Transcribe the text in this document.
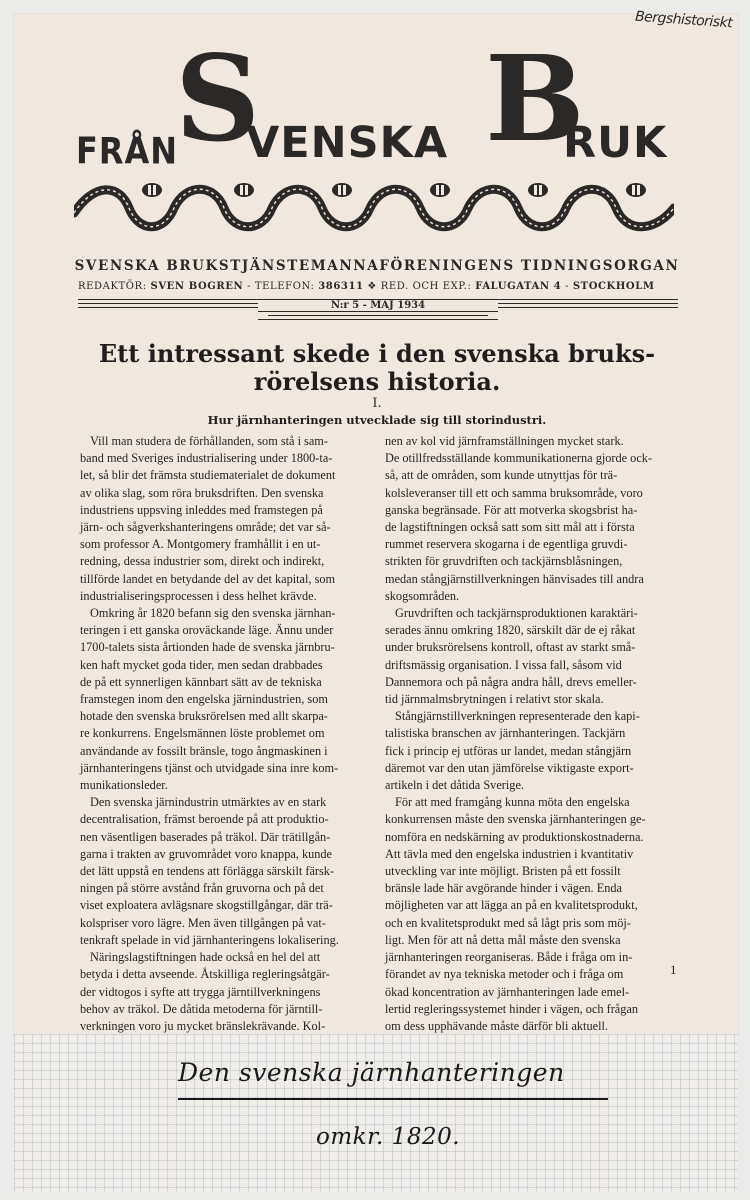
Bergshistoriskt
FRÅN
S
VENSKA B
RUK
SVENSKA BRUKSTJÄNSTEMANNAFÖRENINGENS TIDNINGSORGAN
REDAKTÖR: SVEN BOGREN - TELEFON: 386311 ❖ RED. OCH EXP.: FALUGATAN 4 - STOCKHOLM
N:r 5 - MAJ 1934
Ett intressant skede i den svenska bruks-
rörelsens historia.
I.
Hur järnhanteringen utvecklade sig till storindustri.

Vill man studera de förhållanden, som stå i sam-

band med Sveriges industrialisering under 1800-ta-

let, så blir det främsta studiematerialet de dokument

av olika slag, som röra bruksdriften. Den svenska

industriens uppsving inleddes med framstegen på

järn- och sågverkshanteringens område; det var så-

som professor A. Montgomery framhållit i en ut-

redning, dessa industrier som, direkt och indirekt,

tillförde landet en betydande del av det kapital, som

industrialiseringsprocessen i dess helhet krävde.

Omkring år 1820 befann sig den svenska järnhan-

teringen i ett ganska oroväckande läge. Ännu under

1700-talets sista årtionden hade de svenska järnbru-

ken haft mycket goda tider, men sedan drabbades

de på ett synnerligen kännbart sätt av de tekniska

framstegen inom den engelska järnindustrien, som

hotade den svenska bruksrörelsen med allt skarpa-

re konkurrens. Engelsmännen löste problemet om

användande av fossilt bränsle, togo ångmaskinen i

järnhanteringens tjänst och utvidgade sina inre kom-

munikationsleder.

Den svenska järnindustrin utmärktes av en stark

decentralisation, främst beroende på att produktio-

nen väsentligen baserades på träkol. Där trätillgån-

garna i trakten av gruvområdet voro knappa, kunde

det lätt uppstå en tendens att förlägga särskilt färsk-

ningen på större avstånd från gruvorna och på det

viset exploatera avlägsnare skogstillgångar, där trä-

kolspriser voro lägre. Men även tillgången på vat-

tenkraft spelade in vid järnhanteringens lokalisering.

Näringslagstiftningen hade också en hel del att

betyda i detta avseende. Åtskilliga regleringsåtgär-

der vidtogos i syfte att trygga järntillverkningens

behov av träkol. De dåtida metoderna för järntill-

verkningen voro ju mycket bränslekrävande. Kol-

nen av kol vid järnframställningen mycket stark.

De otillfredsställande kommunikationerna gjorde ock-

så, att de områden, som kunde utnyttjas för trä-

kolsleveranser till ett och samma bruksområde, voro

ganska begränsade. För att motverka skogsbrist ha-

de lagstiftningen också satt som sitt mål att i första

rummet reservera skogarna i de egentliga gruvdi-

strikten för gruvdriften och tackjärnsblåsningen,

medan stångjärnstillverkningen hänvisades till andra

skogsområden.

Gruvdriften och tackjärnsproduktionen karaktäri-

serades ännu omkring 1820, särskilt där de ej råkat

under bruksrörelsens kontroll, oftast av starkt små-

driftsmässig organisation. I vissa fall, såsom vid

Dannemora och på några andra håll, drevs emeller-

tid järnmalmsbrytningen i relativt stor skala.

Stångjärnstillverkningen representerade den kapi-

talistiska branschen av järnhanteringen. Tackjärn

fick i princip ej utföras ur landet, medan stångjärn

däremot var den utan jämförelse viktigaste export-

artikeln i det dåtida Sverige.

För att med framgång kunna möta den engelska

konkurrensen måste den svenska järnhanteringen ge-

nomföra en nedskärning av produktionskostnaderna.

Att tävla med den engelska industrien i kvantitativ

utveckling var inte möjligt. Bristen på ett fossilt

bränsle lade här avgörande hinder i vägen. Enda

möjligheten var att lägga an på en kvalitetsprodukt,

och en kvalitetsprodukt med så lågt pris som möj-

ligt. Men för att nå detta mål måste den svenska

järnhanteringen reorganiseras. Både i fråga om in-

förandet av nya tekniska metoder och i fråga om

ökad koncentration av järnhanteringen lade emel-

lertid regleringssystemet hinder i vägen, och frågan

om dess upphävande måste därför bli aktuell.

1
Den svenska järnhanteringen
omkr. 1820.
